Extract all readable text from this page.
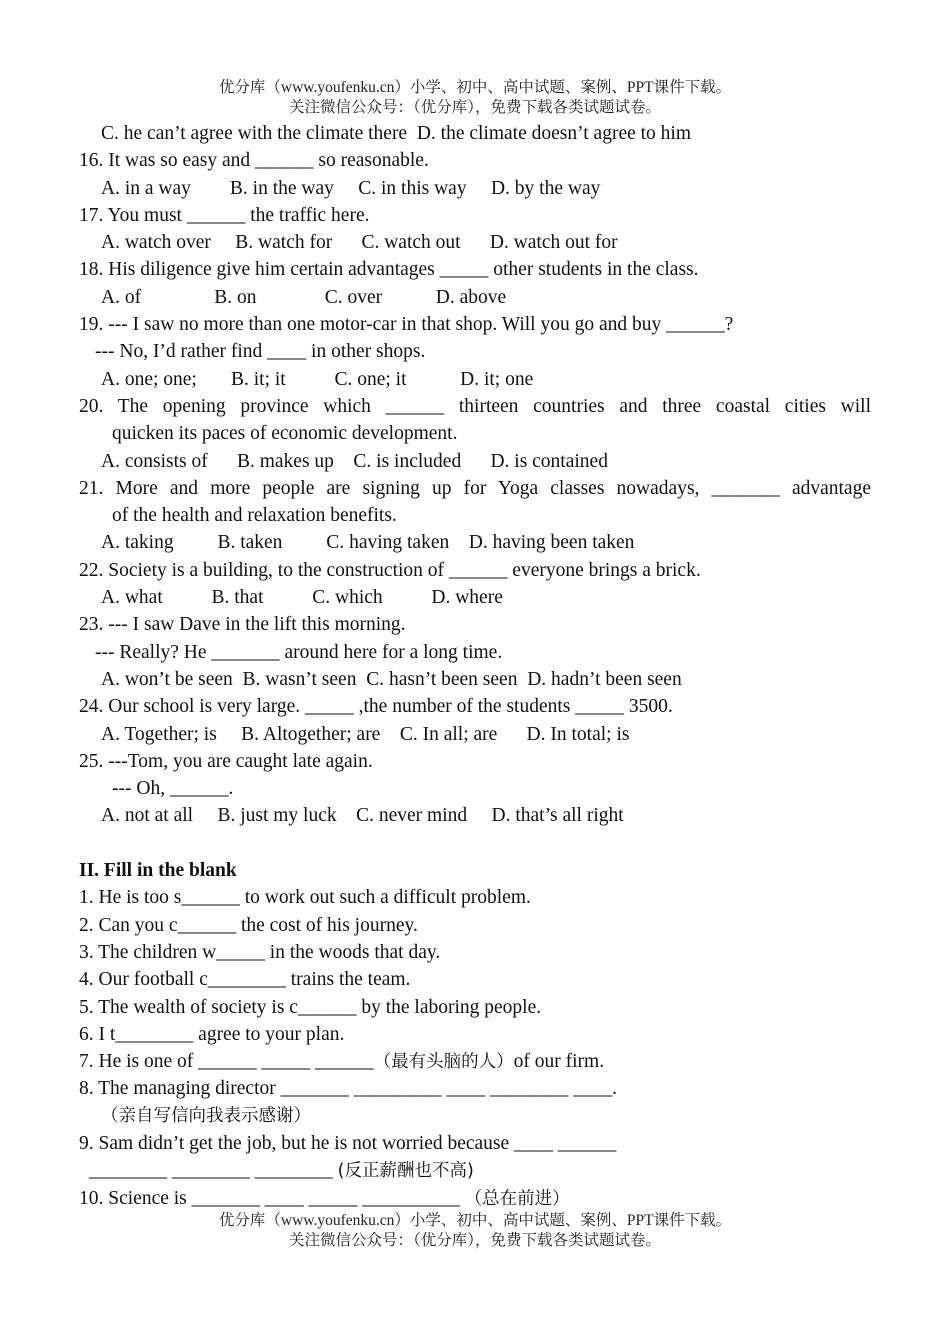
优分库（www.youfenku.cn）小学、初中、高中试题、案例、PPT课件下载。
关注微信公众号：（优分库），免费下载各类试题试卷。
C. he can’t agree with the climate there  D. the climate doesn’t agree to him
16. It was so easy and ______ so reasonable.
A. in a way        B. in the way     C. in this way     D. by the way
17. You must ______ the traffic here.
A. watch over     B. watch for      C. watch out      D. watch out for
18. His diligence give him certain advantages _____ other students in the class.
A. of               B. on              C. over           D. above
19. --- I saw no more than one motor-car in that shop. Will you go and buy ______?
--- No, I’d rather find ____ in other shops.
A. one; one;       B. it; it          C. one; it           D. it; one
20. The opening province which ______ thirteen countries and three coastal cities will
quicken its paces of economic development.
A. consists of      B. makes up    C. is included      D. is contained
21. More and more people are signing up for Yoga classes nowadays, _______ advantage
of the health and relaxation benefits.
A. taking         B. taken         C. having taken    D. having been taken
22. Society is a building, to the construction of ______ everyone brings a brick.
A. what          B. that          C. which          D. where
23. --- I saw Dave in the lift this morning.
--- Really? He _______ around here for a long time.
A. won’t be seen  B. wasn’t seen  C. hasn’t been seen  D. hadn’t been seen
24. Our school is very large. _____ ,the number of the students _____ 3500.
A. Together; is     B. Altogether; are    C. In all; are      D. In total; is
25. ---Tom, you are caught late again.
--- Oh, ______.
A. not at all     B. just my luck    C. never mind     D. that’s all right
II. Fill in the blank
1. He is too s______ to work out such a difficult problem.
2. Can you c______ the cost of his journey.
3. The children w_____ in the woods that day.
4. Our football c________ trains the team.
5. The wealth of society is c______ by the laboring people.
6. I t________ agree to your plan.
7. He is one of ______ _____ ______（最有头脑的人）of our firm.
8. The managing director _______ _________ ____ ________ ____.
（亲自写信向我表示感谢）
9. Sam didn’t get the job, but he is not worried because ____ ______
________ ________ ________ (反正薪酬也不高)
10. Science is _______ ____ _____ __________ （总在前进）
优分库（www.youfenku.cn）小学、初中、高中试题、案例、PPT课件下载。
关注微信公众号：（优分库），免费下载各类试题试卷。
